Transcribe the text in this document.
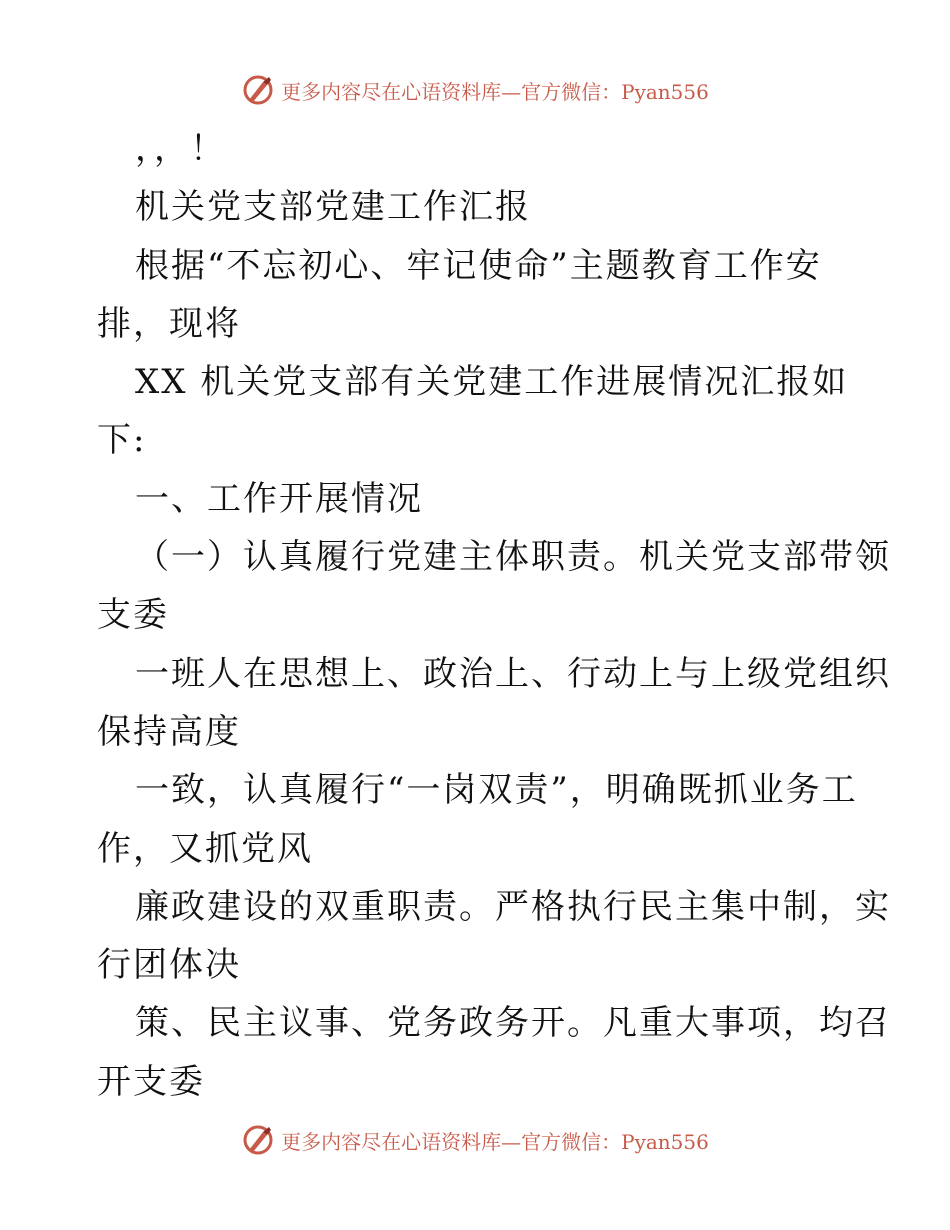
更多内容尽在心语资料库—官方微信：Pyan556
，，！
机关党支部党建工作汇报
根据“不忘初心、牢记使命”主题教育工作安
排，现将
XX 机关党支部有关党建工作进展情况汇报如
下:
一、工作开展情况
（一）认真履行党建主体职责。机关党支部带领
支委
一班人在思想上、政治上、行动上与上级党组织
保持高度
一致，认真履行“一岗双责”，明确既抓业务工
作，又抓党风
廉政建设的双重职责。严格执行民主集中制，实
行团体决
策、民主议事、党务政务开。凡重大事项，均召
开支委
更多内容尽在心语资料库—官方微信：Pyan556
